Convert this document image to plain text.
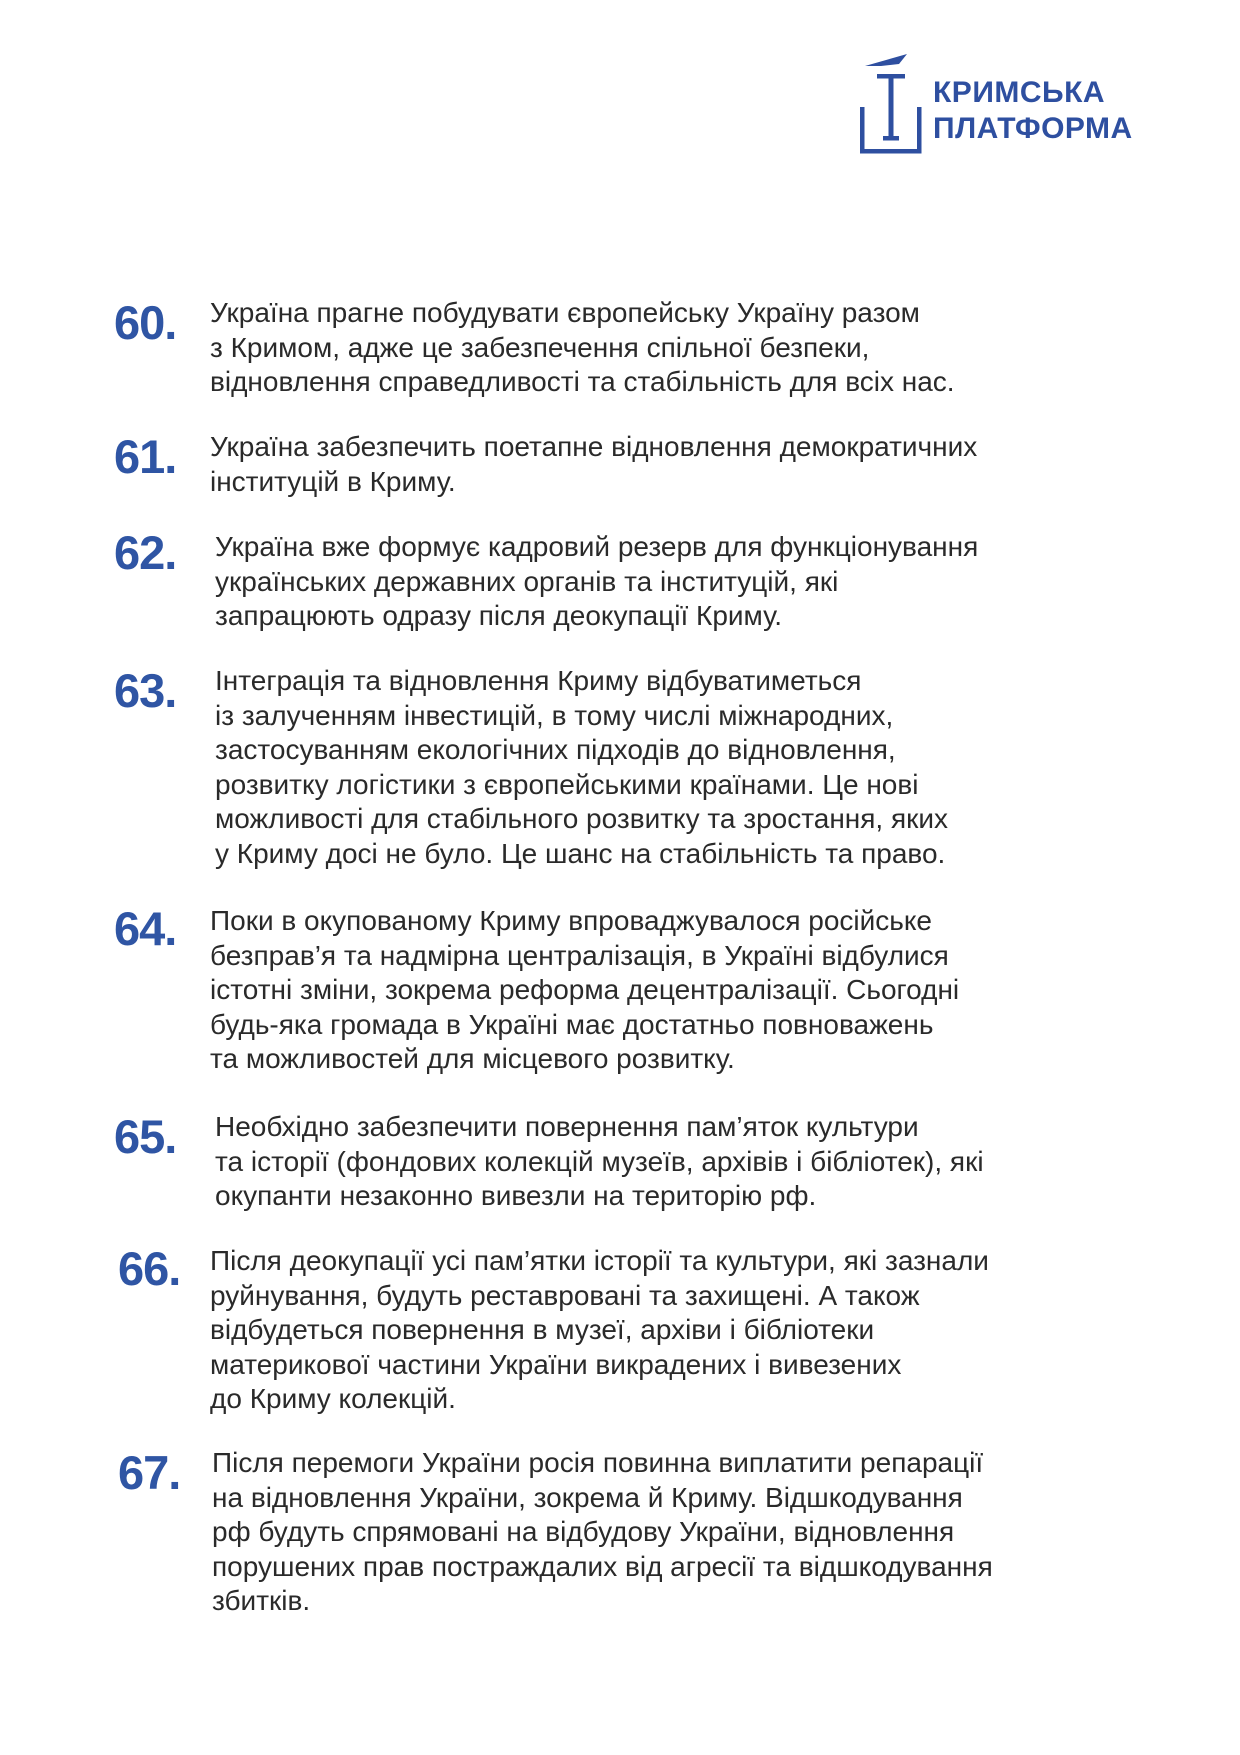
КРИМСЬКА
ПЛАТФОРМА
60. Україна прагне побудувати європейську Україну разом
з Кримом, адже це забезпечення спільної безпеки,
відновлення справедливості та стабільність для всіх нас.
61. Україна забезпечить поетапне відновлення демократичних
інституцій в Криму.
62. Україна вже формує кадровий резерв для функціонування
українських державних органів та інституцій, які
запрацюють одразу після деокупації Криму.
63. Інтеграція та відновлення Криму відбуватиметься
із залученням інвестицій, в тому числі міжнародних,
застосуванням екологічних підходів до відновлення,
розвитку логістики з європейськими країнами. Це нові
можливості для стабільного розвитку та зростання, яких
у Криму досі не було. Це шанс на стабільність та право.
64. Поки в окупованому Криму впроваджувалося російське
безправ’я та надмірна централізація, в Україні відбулися
істотні зміни, зокрема реформа децентралізації. Сьогодні
будь-яка громада в Україні має достатньо повноважень
та можливостей для місцевого розвитку.
65. Необхідно забезпечити повернення пам’яток культури
та історії (фондових колекцій музеїв, архівів і бібліотек), які
окупанти незаконно вивезли на територію рф.
66. Після деокупації усі пам’ятки історії та культури, які зазнали
руйнування, будуть реставровані та захищені. А також
відбудеться повернення в музеї, архіви і бібліотеки
материкової частини України викрадених і вивезених
до Криму колекцій.
67. Після перемоги України росія повинна виплатити репарації
на відновлення України, зокрема й Криму. Відшкодування
рф будуть спрямовані на відбудову України, відновлення
порушених прав постраждалих від агресії та відшкодування
збитків.
